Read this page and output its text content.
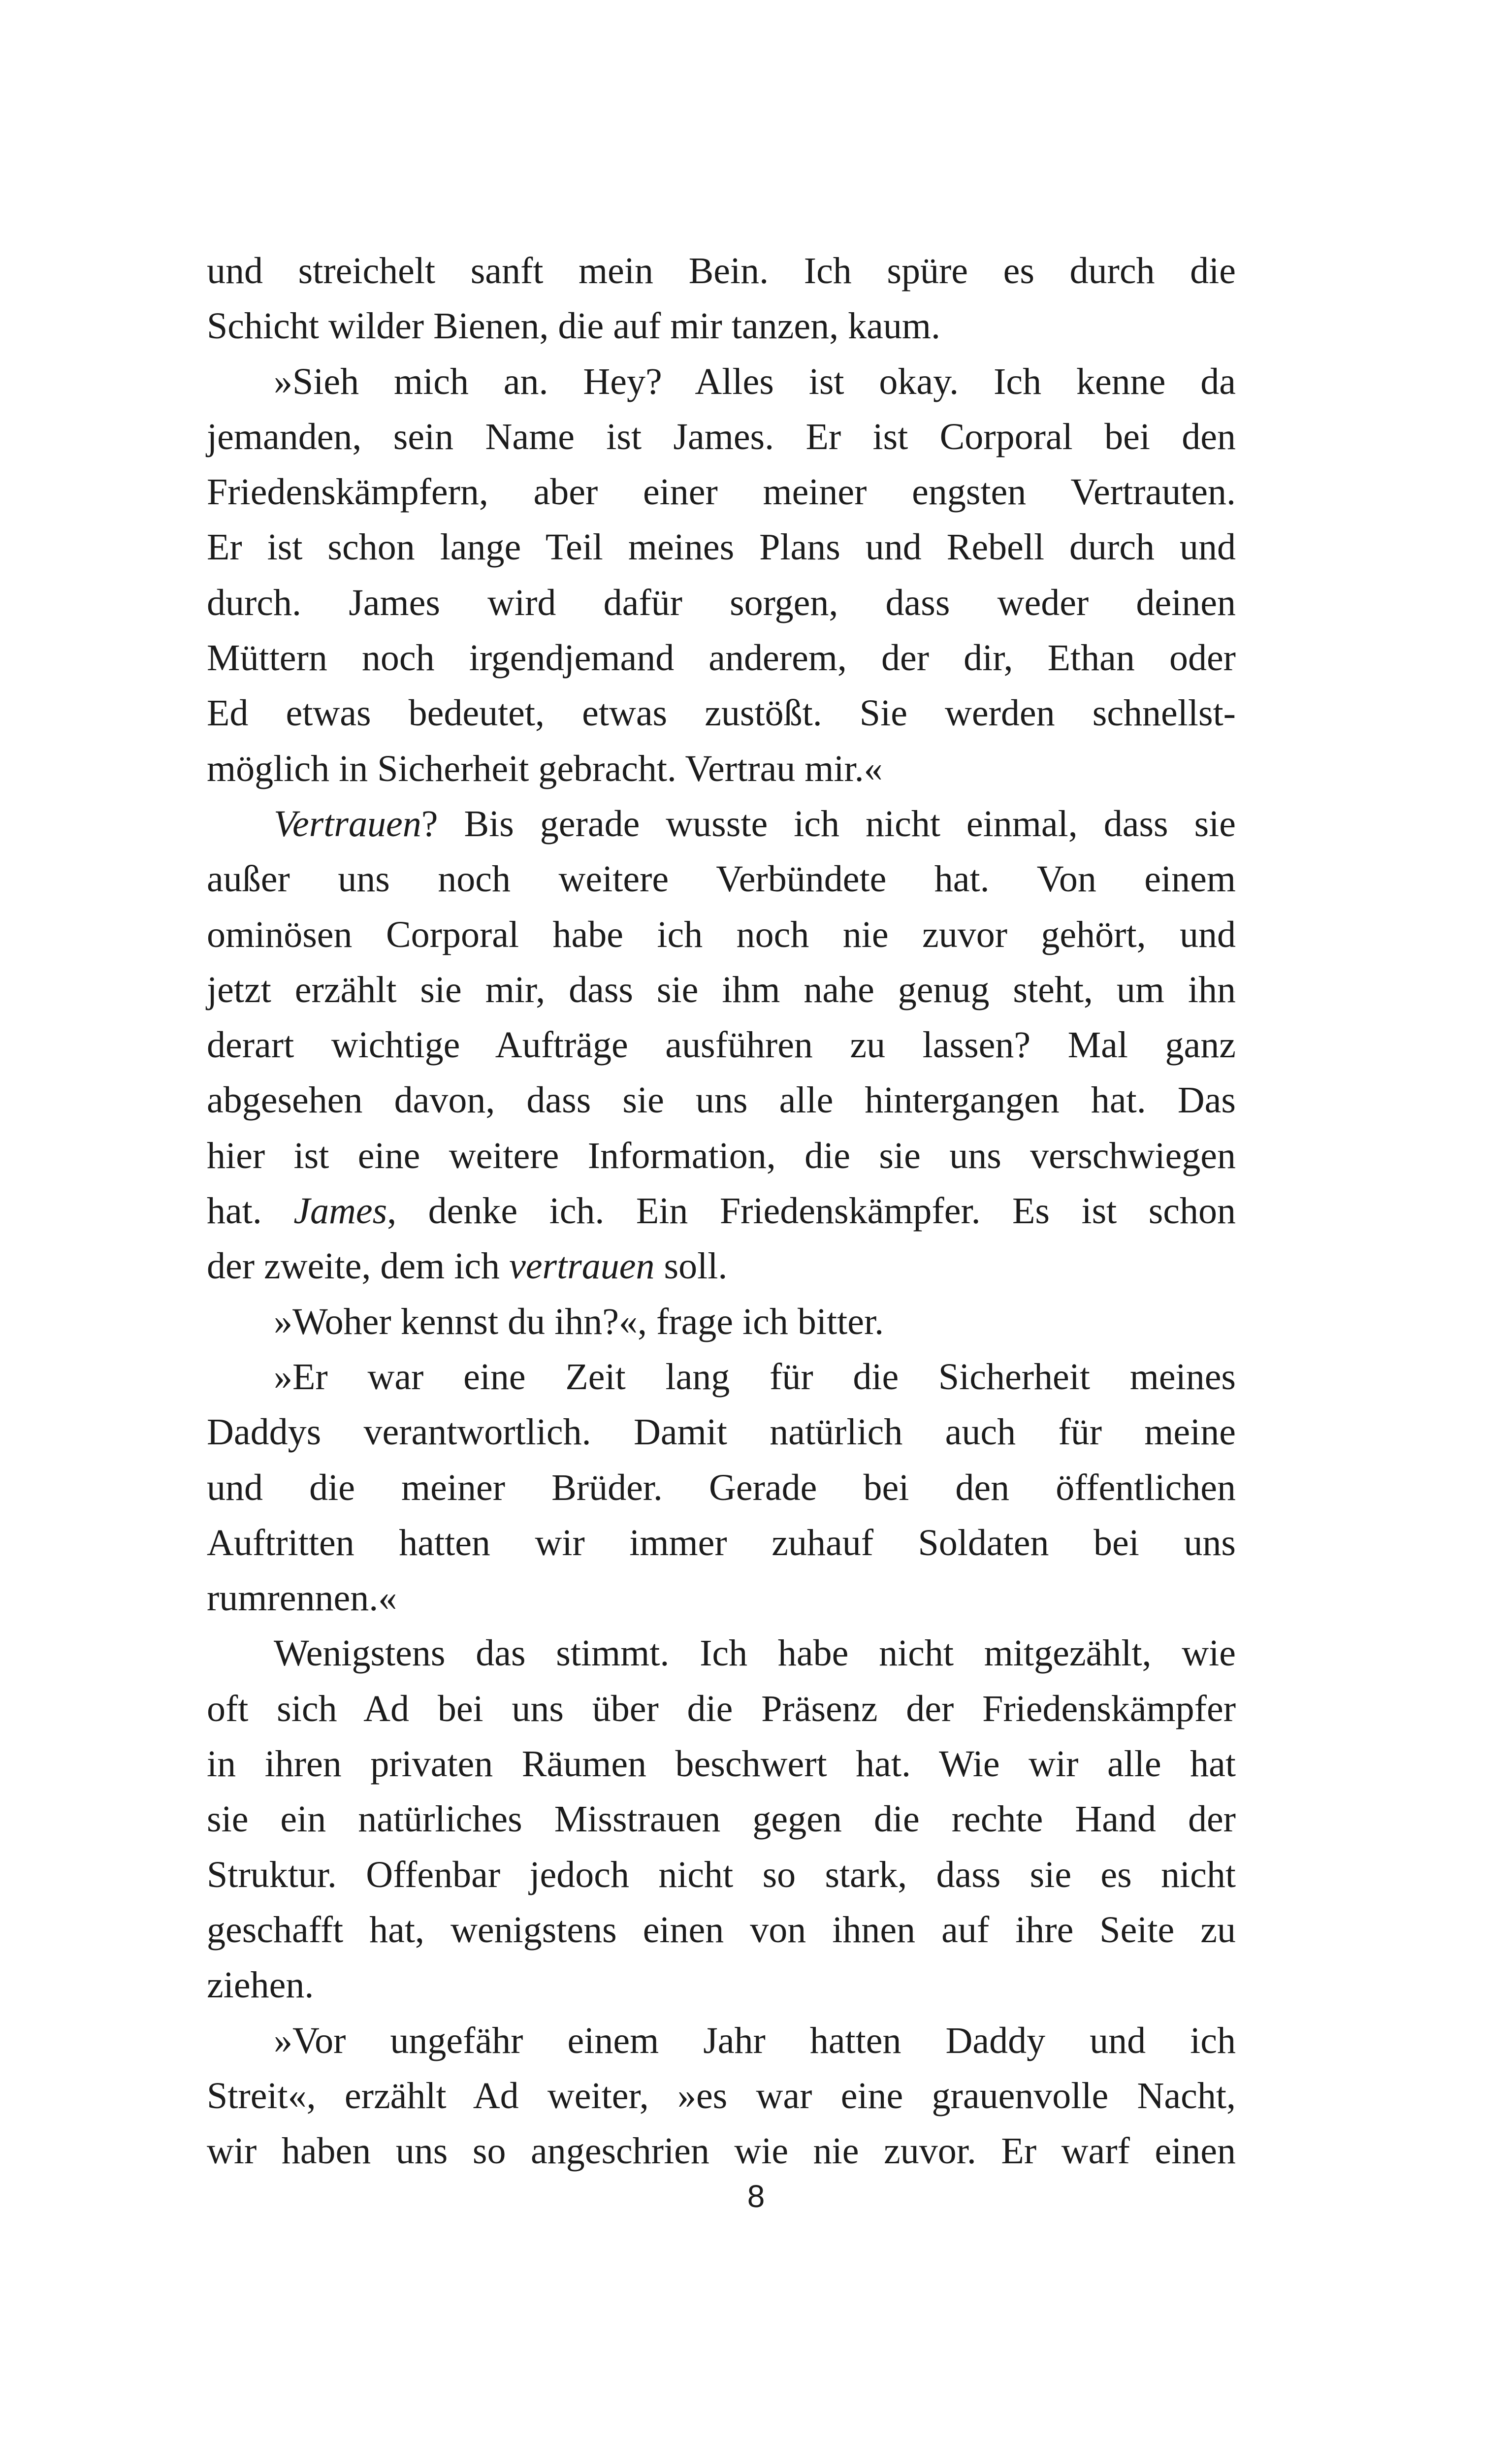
und streichelt sanft mein Bein. Ich spüre es durch die
Schicht wilder Bienen, die auf mir tanzen, kaum.
»Sieh mich an. Hey? Alles ist okay. Ich kenne da
jemanden, sein Name ist James. Er ist Corporal bei den
Friedenskämpfern, aber einer meiner engsten Vertrauten.
Er ist schon lange Teil meines Plans und Rebell durch und
durch. James wird dafür sorgen, dass weder deinen
Müttern noch irgendjemand anderem, der dir, Ethan oder
Ed etwas bedeutet, etwas zustößt. Sie werden schnellst-
möglich in Sicherheit gebracht. Vertrau mir.«
Vertrauen? Bis gerade wusste ich nicht einmal, dass sie
außer uns noch weitere Verbündete hat. Von einem
ominösen Corporal habe ich noch nie zuvor gehört, und
jetzt erzählt sie mir, dass sie ihm nahe genug steht, um ihn
derart wichtige Aufträge ausführen zu lassen? Mal ganz
abgesehen davon, dass sie uns alle hintergangen hat. Das
hier ist eine weitere Information, die sie uns verschwiegen
hat. James, denke ich. Ein Friedenskämpfer. Es ist schon
der zweite, dem ich vertrauen soll.
»Woher kennst du ihn?«, frage ich bitter.
»Er war eine Zeit lang für die Sicherheit meines
Daddys verantwortlich. Damit natürlich auch für meine
und die meiner Brüder. Gerade bei den öffentlichen
Auftritten hatten wir immer zuhauf Soldaten bei uns
rumrennen.«
Wenigstens das stimmt. Ich habe nicht mitgezählt, wie
oft sich Ad bei uns über die Präsenz der Friedenskämpfer
in ihren privaten Räumen beschwert hat. Wie wir alle hat
sie ein natürliches Misstrauen gegen die rechte Hand der
Struktur. Offenbar jedoch nicht so stark, dass sie es nicht
geschafft hat, wenigstens einen von ihnen auf ihre Seite zu
ziehen.
»Vor ungefähr einem Jahr hatten Daddy und ich
Streit«, erzählt Ad weiter, »es war eine grauenvolle Nacht,
wir haben uns so angeschrien wie nie zuvor. Er warf einen
8
